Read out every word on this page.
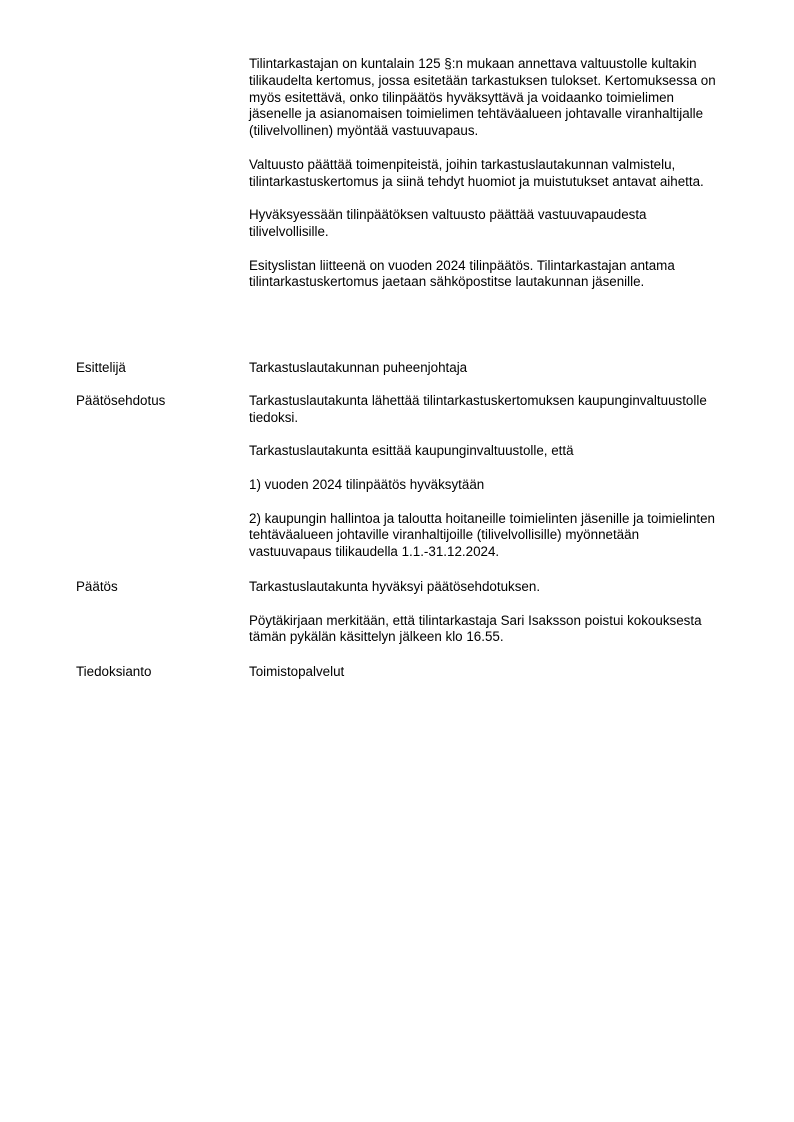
Tilintarkastajan on kuntalain 125 §:n mukaan annettava valtuustolle kultakin tilikaudelta kertomus, jossa esitetään tarkastuksen tulokset. Kertomuksessa on myös esitettävä, onko tilinpäätös hyväksyttävä ja voidaanko toimielimen jäsenelle ja asianomaisen toimielimen tehtäväalueen johtavalle viranhaltijalle (tilivelvollinen) myöntää vastuuvapaus.

Valtuusto päättää toimenpiteistä, joihin tarkastuslautakunnan valmistelu, tilintarkastuskertomus ja siinä tehdyt huomiot ja muistutukset antavat aihetta.

Hyväksyessään tilinpäätöksen valtuusto päättää vastuuvapaudesta tilivelvollisille.

Esityslistan liitteenä on vuoden 2024 tilinpäätös. Tilintarkastajan antama tilintarkastuskertomus jaetaan sähköpostitse lautakunnan jäsenille.

Esittelijä	Tarkastuslautakunnan puheenjohtaja

Päätösehdotus	Tarkastuslautakunta lähettää tilintarkastuskertomuksen kaupunginvaltuustolle tiedoksi.

Tarkastuslautakunta esittää kaupunginvaltuustolle, että

1) vuoden 2024 tilinpäätös hyväksytään

2) kaupungin hallintoa ja taloutta hoitaneille toimielinten jäsenille ja toimielinten tehtäväalueen johtaville viranhaltijoille (tilivelvollisille) myönnetään vastuuvapaus tilikaudella 1.1.-31.12.2024.

Päätös	Tarkastuslautakunta hyväksyi päätösehdotuksen.

Pöytäkirjaan merkitään, että tilintarkastaja Sari Isaksson poistui kokouksesta tämän pykälän käsittelyn jälkeen klo 16.55.

Tiedoksianto	Toimistopalvelut
